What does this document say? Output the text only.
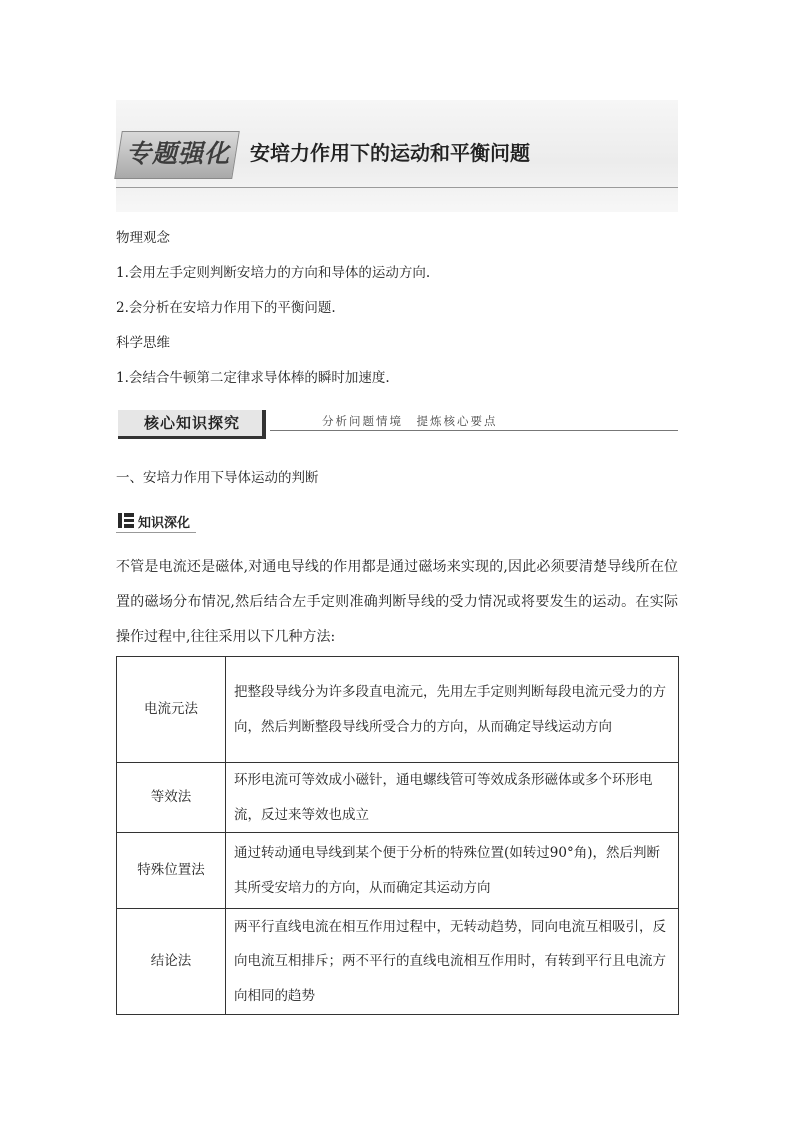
专题强化 安培力作用下的运动和平衡问题
物理观念
1.会用左手定则判断安培力的方向和导体的运动方向.
2.会分析在安培力作用下的平衡问题.
科学思维
1.会结合牛顿第二定律求导体棒的瞬时加速度.
核心知识探究	分析问题情境　提炼核心要点
一、安培力作用下导体运动的判断
知识深化
不管是电流还是磁体,对通电导线的作用都是通过磁场来实现的,因此必须要清楚导线所在位置的磁场分布情况,然后结合左手定则准确判断导线的受力情况或将要发生的运动。在实际操作过程中,往往采用以下几种方法:
电流元法	把整段导线分为许多段直电流元，先用左手定则判断每段电流元受力的方向，然后判断整段导线所受合力的方向，从而确定导线运动方向
等效法	环形电流可等效成小磁针，通电螺线管可等效成条形磁体或多个环形电流，反过来等效也成立
特殊位置法	通过转动通电导线到某个便于分析的特殊位置(如转过90°角)，然后判断其所受安培力的方向，从而确定其运动方向
结论法	两平行直线电流在相互作用过程中，无转动趋势，同向电流互相吸引，反向电流互相排斥；两不平行的直线电流相互作用时，有转到平行且电流方向相同的趋势
